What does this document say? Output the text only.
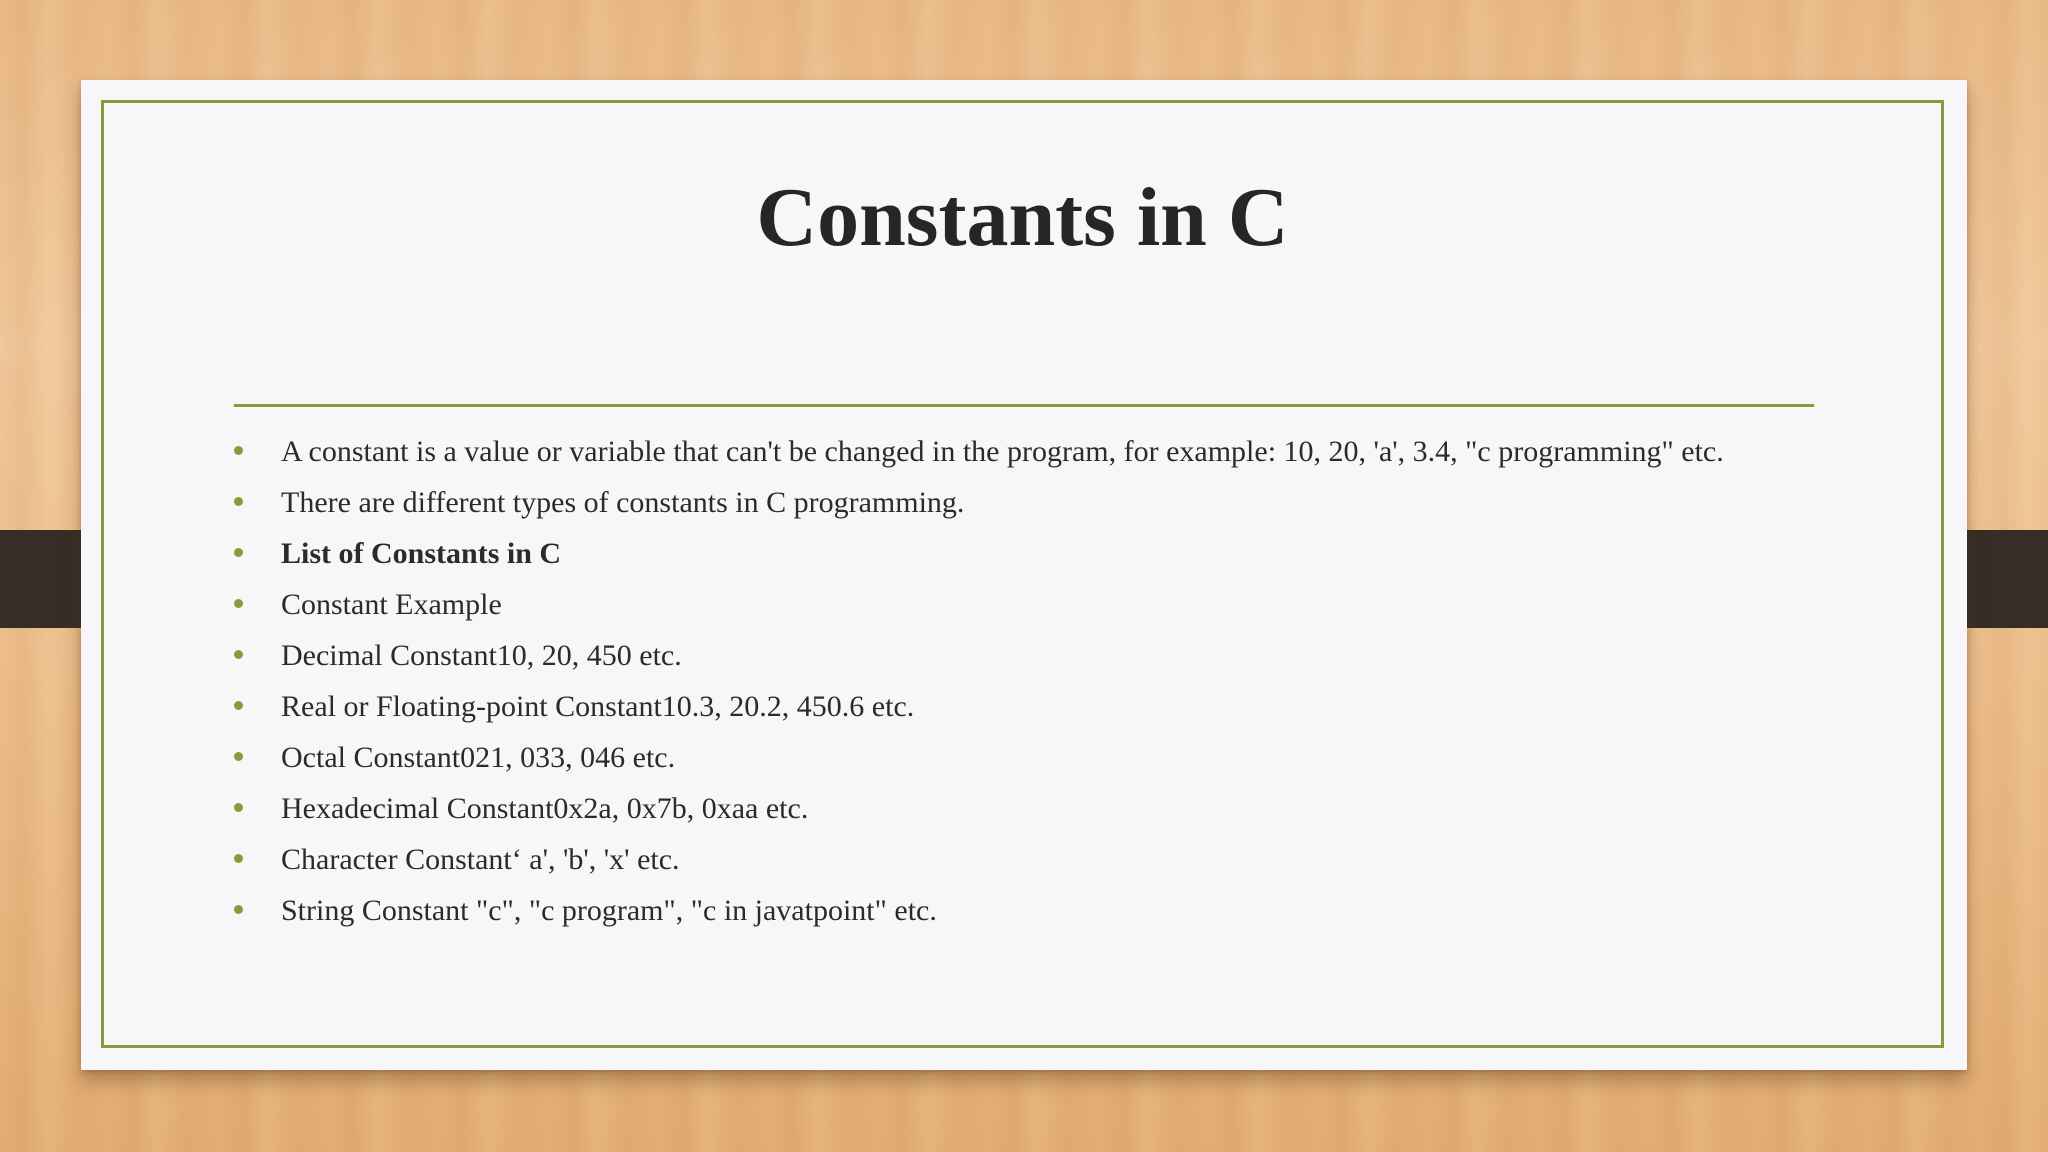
Constants in C
A constant is a value or variable that can't be changed in the program, for example: 10, 20, 'a', 3.4, "c programming" etc.
There are different types of constants in C programming.
List of Constants in C
Constant Example
Decimal Constant10, 20, 450 etc.
Real or Floating-point Constant10.3, 20.2, 450.6 etc.
Octal Constant021, 033, 046 etc.
Hexadecimal Constant0x2a, 0x7b, 0xaa etc.
Character Constant‘ a', 'b', 'x' etc.
String Constant "c", "c program", "c in javatpoint" etc.
